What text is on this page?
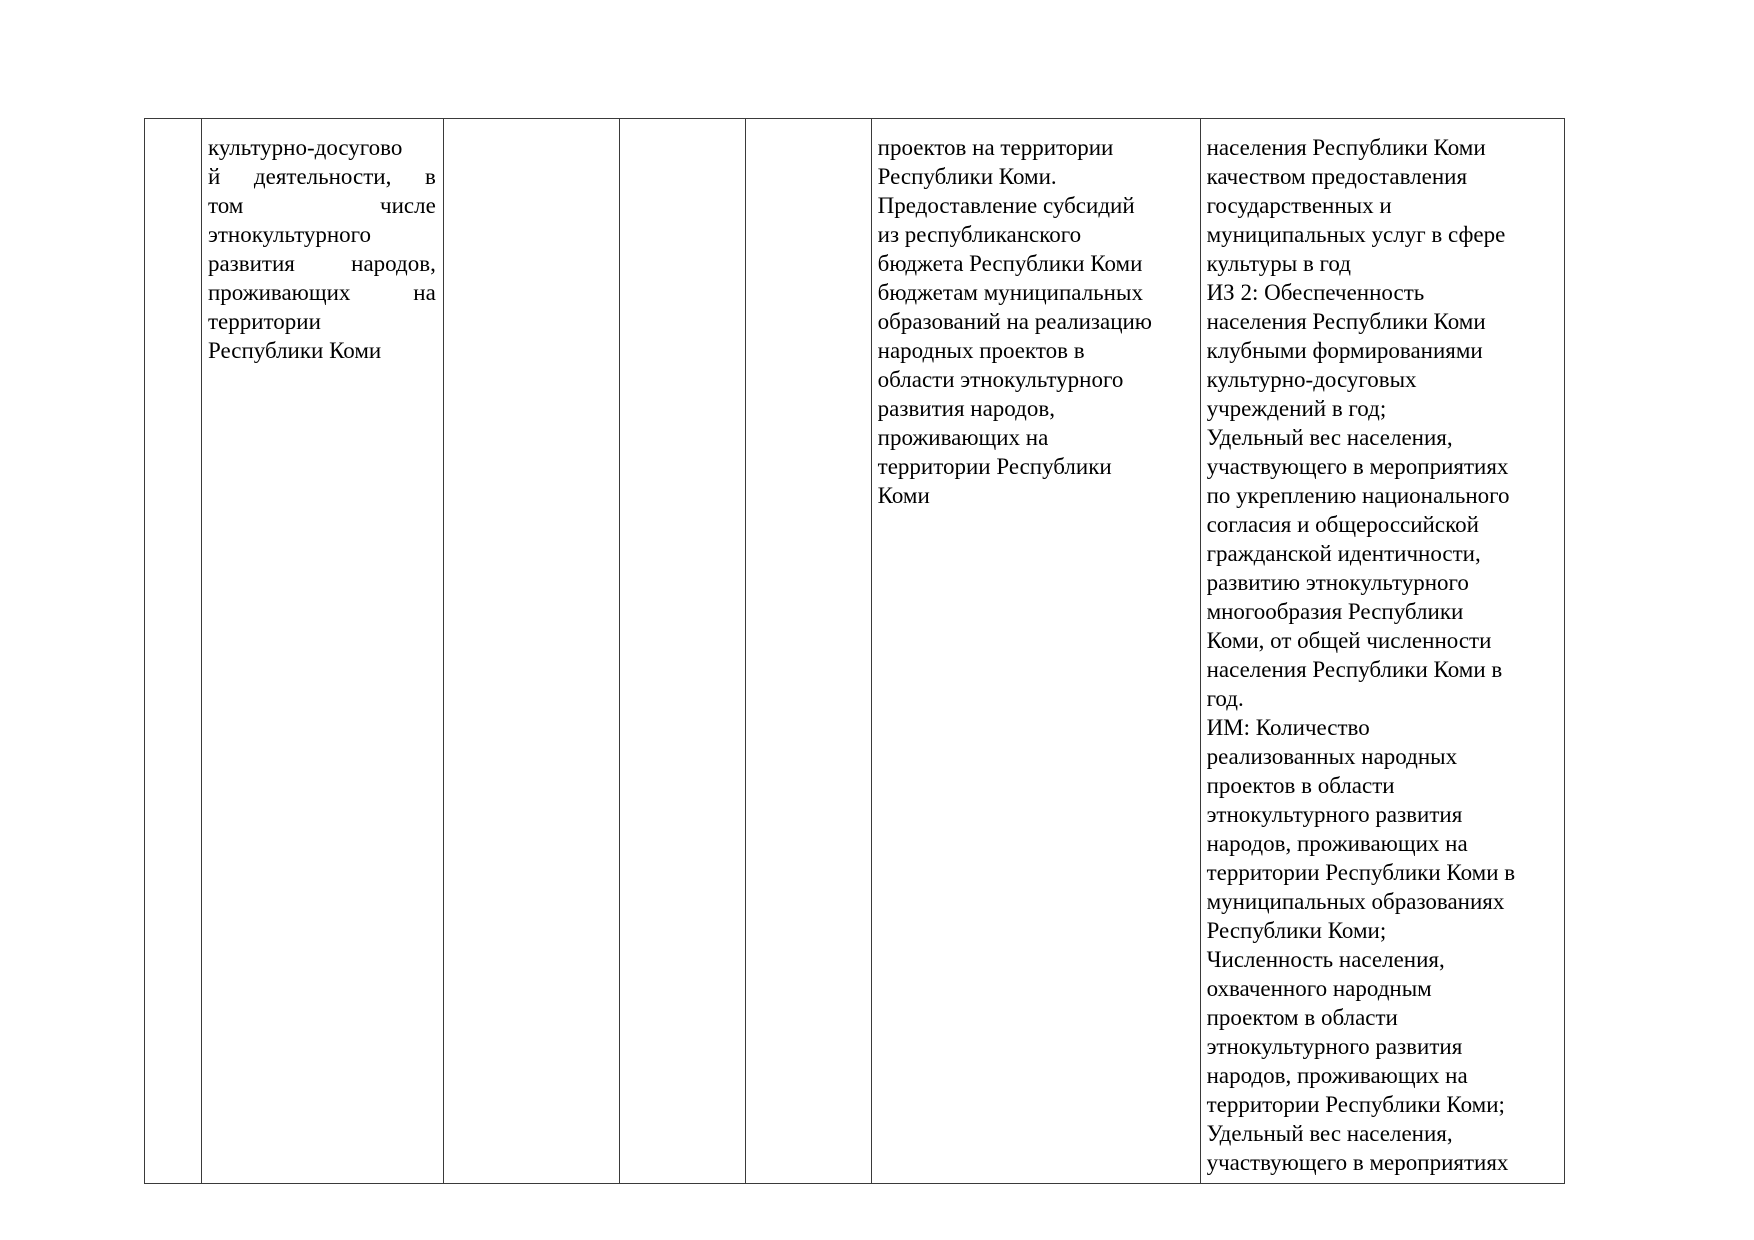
культурно-досугово
й деятельности, в
том числе
этнокультурного
развития народов,
проживающих на
территории
Республики Коми

проектов на территории
Республики Коми.
Предоставление субсидий
из республиканского
бюджета Республики Коми
бюджетам муниципальных
образований на реализацию
народных проектов в
области этнокультурного
развития народов,
проживающих на
территории Республики
Коми

населения Республики Коми
качеством предоставления
государственных и
муниципальных услуг в сфере
культуры в год
ИЗ 2: Обеспеченность
населения Республики Коми
клубными формированиями
культурно-досуговых
учреждений в год;
Удельный вес населения,
участвующего в мероприятиях
по укреплению национального
согласия и общероссийской
гражданской идентичности,
развитию этнокультурного
многообразия Республики
Коми, от общей численности
населения Республики Коми в
год.
ИМ: Количество
реализованных народных
проектов в области
этнокультурного развития
народов, проживающих на
территории Республики Коми в
муниципальных образованиях
Республики Коми;
Численность населения,
охваченного народным
проектом в области
этнокультурного развития
народов, проживающих на
территории Республики Коми;
Удельный вес населения,
участвующего в мероприятиях
